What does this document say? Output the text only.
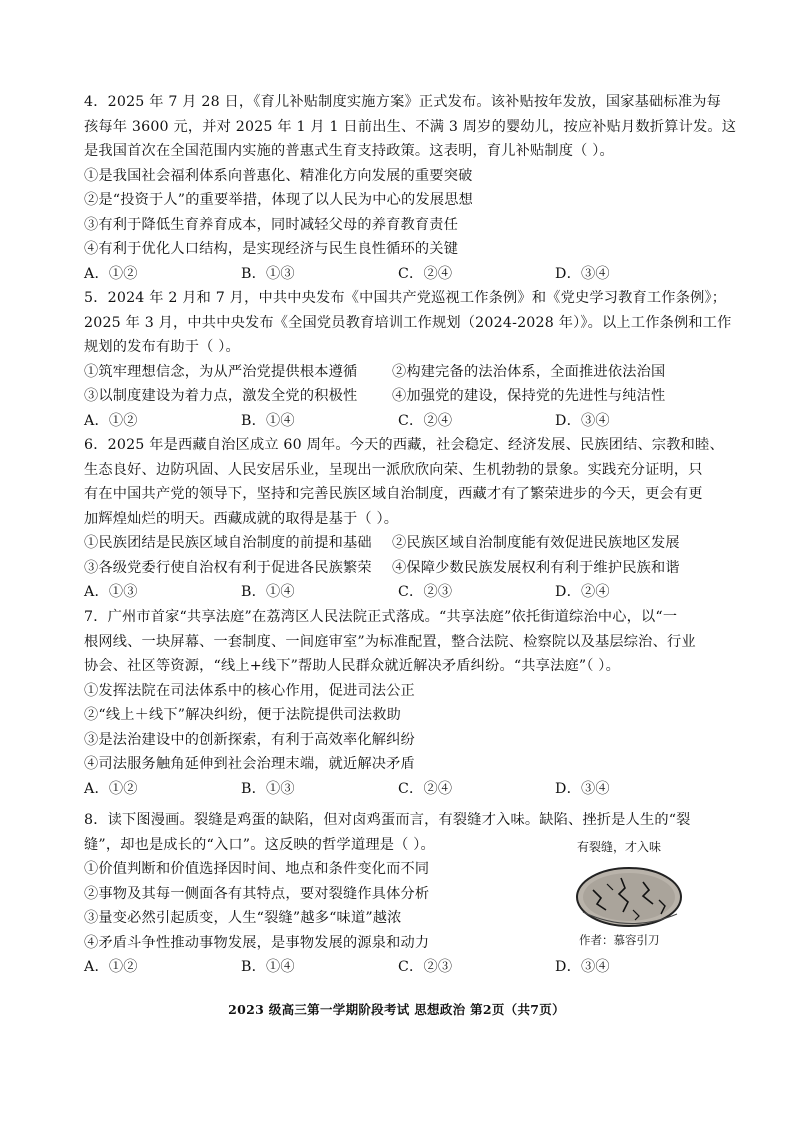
4．2025 年 7 月 28 日，《育儿补贴制度实施方案》正式发布。该补贴按年发放，国家基础标准为每
孩每年 3600 元，并对 2025 年 1 月 1 日前出生、不满 3 周岁的婴幼儿，按应补贴月数折算计发。这
是我国首次在全国范围内实施的普惠式生育支持政策。这表明，育儿补贴制度（ ）。
①是我国社会福利体系向普惠化、精准化方向发展的重要突破
②是“投资于人”的重要举措，体现了以人民为中心的发展思想
③有利于降低生育养育成本，同时减轻父母的养育教育责任
④有利于优化人口结构，是实现经济与民生良性循环的关键
A．①②	B．①③	C．②④	D．③④
5．2024 年 2 月和 7 月，中共中央发布《中国共产党巡视工作条例》和《党史学习教育工作条例》；
2025 年 3 月，中共中央发布《全国党员教育培训工作规划（2024-2028 年）》。以上工作条例和工作
规划的发布有助于（ ）。
①筑牢理想信念，为从严治党提供根本遵循	②构建完备的法治体系，全面推进依法治国
③以制度建设为着力点，激发全党的积极性	④加强党的建设，保持党的先进性与纯洁性
A．①②	B．①④	C．②④	D．③④
6．2025 年是西藏自治区成立 60 周年。今天的西藏，社会稳定、经济发展、民族团结、宗教和睦、
生态良好、边防巩固、人民安居乐业，呈现出一派欣欣向荣、生机勃勃的景象。实践充分证明，只
有在中国共产党的领导下，坚持和完善民族区域自治制度，西藏才有了繁荣进步的今天，更会有更
加辉煌灿烂的明天。西藏成就的取得是基于（ ）。
①民族团结是民族区域自治制度的前提和基础	②民族区域自治制度能有效促进民族地区发展
③各级党委行使自治权有利于促进各民族繁荣	④保障少数民族发展权利有利于维护民族和谐
A．①③	B．①④	C．②③	D．②④
7．广州市首家“共享法庭”在荔湾区人民法院正式落成。“共享法庭”依托街道综治中心，以“一
根网线、一块屏幕、一套制度、一间庭审室”为标准配置，整合法院、检察院以及基层综治、行业
协会、社区等资源，“线上+线下”帮助人民群众就近解决矛盾纠纷。“共享法庭”（ ）。
①发挥法院在司法体系中的核心作用，促进司法公正
②“线上＋线下”解决纠纷，便于法院提供司法救助
③是法治建设中的创新探索，有利于高效率化解纠纷
④司法服务触角延伸到社会治理末端，就近解决矛盾
A．①②	B．①③	C．②④	D．③④
8．读下图漫画。裂缝是鸡蛋的缺陷，但对卤鸡蛋而言，有裂缝才入味。缺陷、挫折是人生的“裂
缝”，却也是成长的“入口”。这反映的哲学道理是（ ）。
①价值判断和价值选择因时间、地点和条件变化而不同
②事物及其每一侧面各有其特点，要对裂缝作具体分析
③量变必然引起质变，人生“裂缝”越多“味道”越浓
④矛盾斗争性推动事物发展，是事物发展的源泉和动力
A．①②	B．①④	C．②③	D．③④
有裂缝，才入味
作者：慕容引刀
2023 级高三第一学期阶段考试 思想政治 第2页（共7页）
